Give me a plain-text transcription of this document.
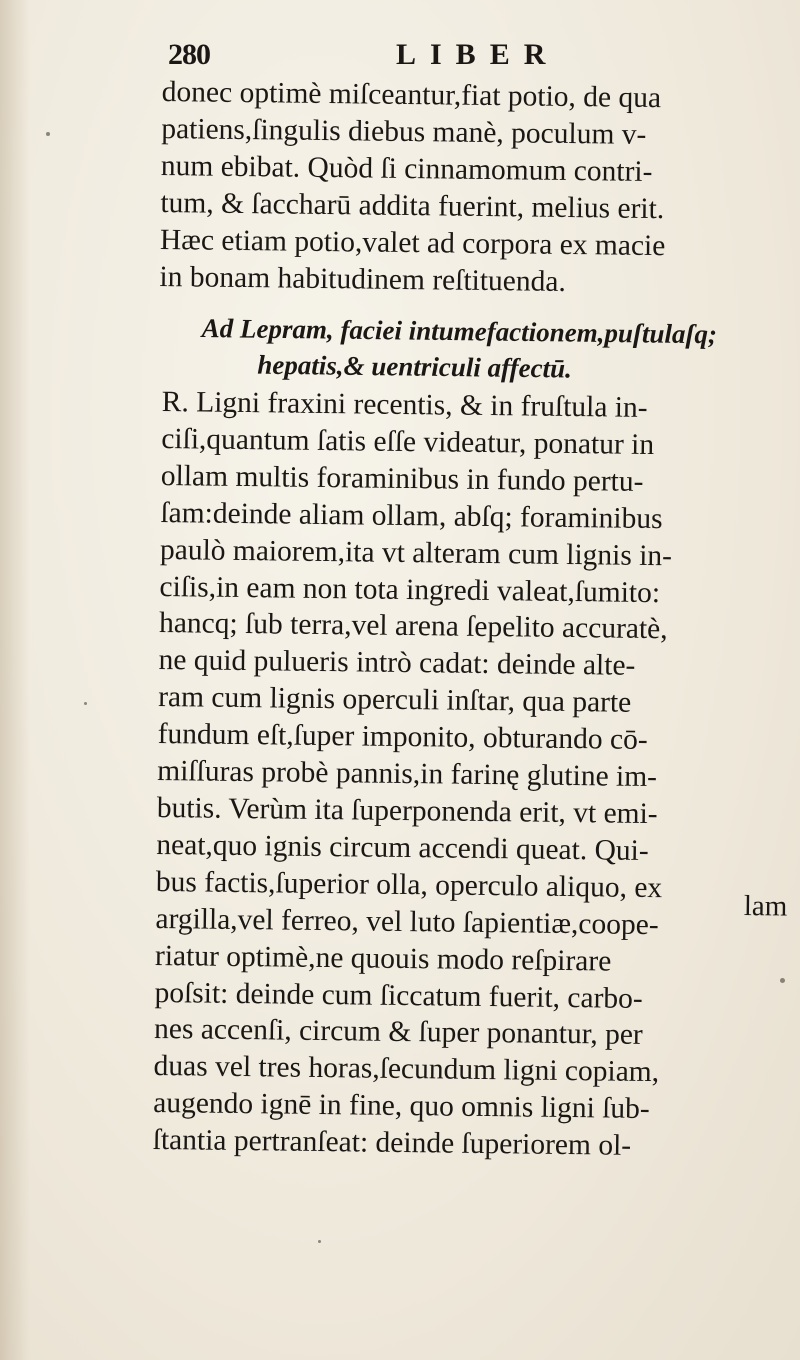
280	LIBER
donec optimè miſceantur,fiat potio, de qua
patiens,ſingulis diebus manè, poculum v-
num ebibat. Quòd ſi cinnamomum contri-
tum, & ſaccharū addita fuerint, melius erit.
Hæc etiam potio,valet ad corpora ex macie
in bonam habitudinem reſtituenda.
Ad Lepram, faciei intumefactionem,puſtulaſq;
hepatis,& uentriculi affectū.
R. Ligni fraxini recentis, & in fruſtula in-
ciſi,quantum ſatis eſſe videatur, ponatur in
ollam multis foraminibus in fundo pertu-
ſam:deinde aliam ollam, abſq; foraminibus
paulò maiorem,ita vt alteram cum lignis in-
ciſis,in eam non tota ingredi valeat,ſumito:
hancq; ſub terra,vel arena ſepelito accuratè,
ne quid pulueris intrò cadat: deinde alte-
ram cum lignis operculi inſtar, qua parte
fundum eſt,ſuper imponito, obturando cō-
miſſuras probè pannis,in farinę glutine im-
butis. Verùm ita ſuperponenda erit, vt emi-
neat,quo ignis circum accendi queat. Qui-
bus factis,ſuperior olla, operculo aliquo, ex
argilla,vel ferreo, vel luto ſapientiæ,coope-
riatur optimè,ne quouis modo reſpirare
poſsit: deinde cum ſiccatum fuerit, carbo-
nes accenſi, circum & ſuper ponantur, per
duas vel tres horas,ſecundum ligni copiam,
augendo ignē in fine, quo omnis ligni ſub-
ſtantia pertranſeat: deinde ſuperiorem ol-
lam
